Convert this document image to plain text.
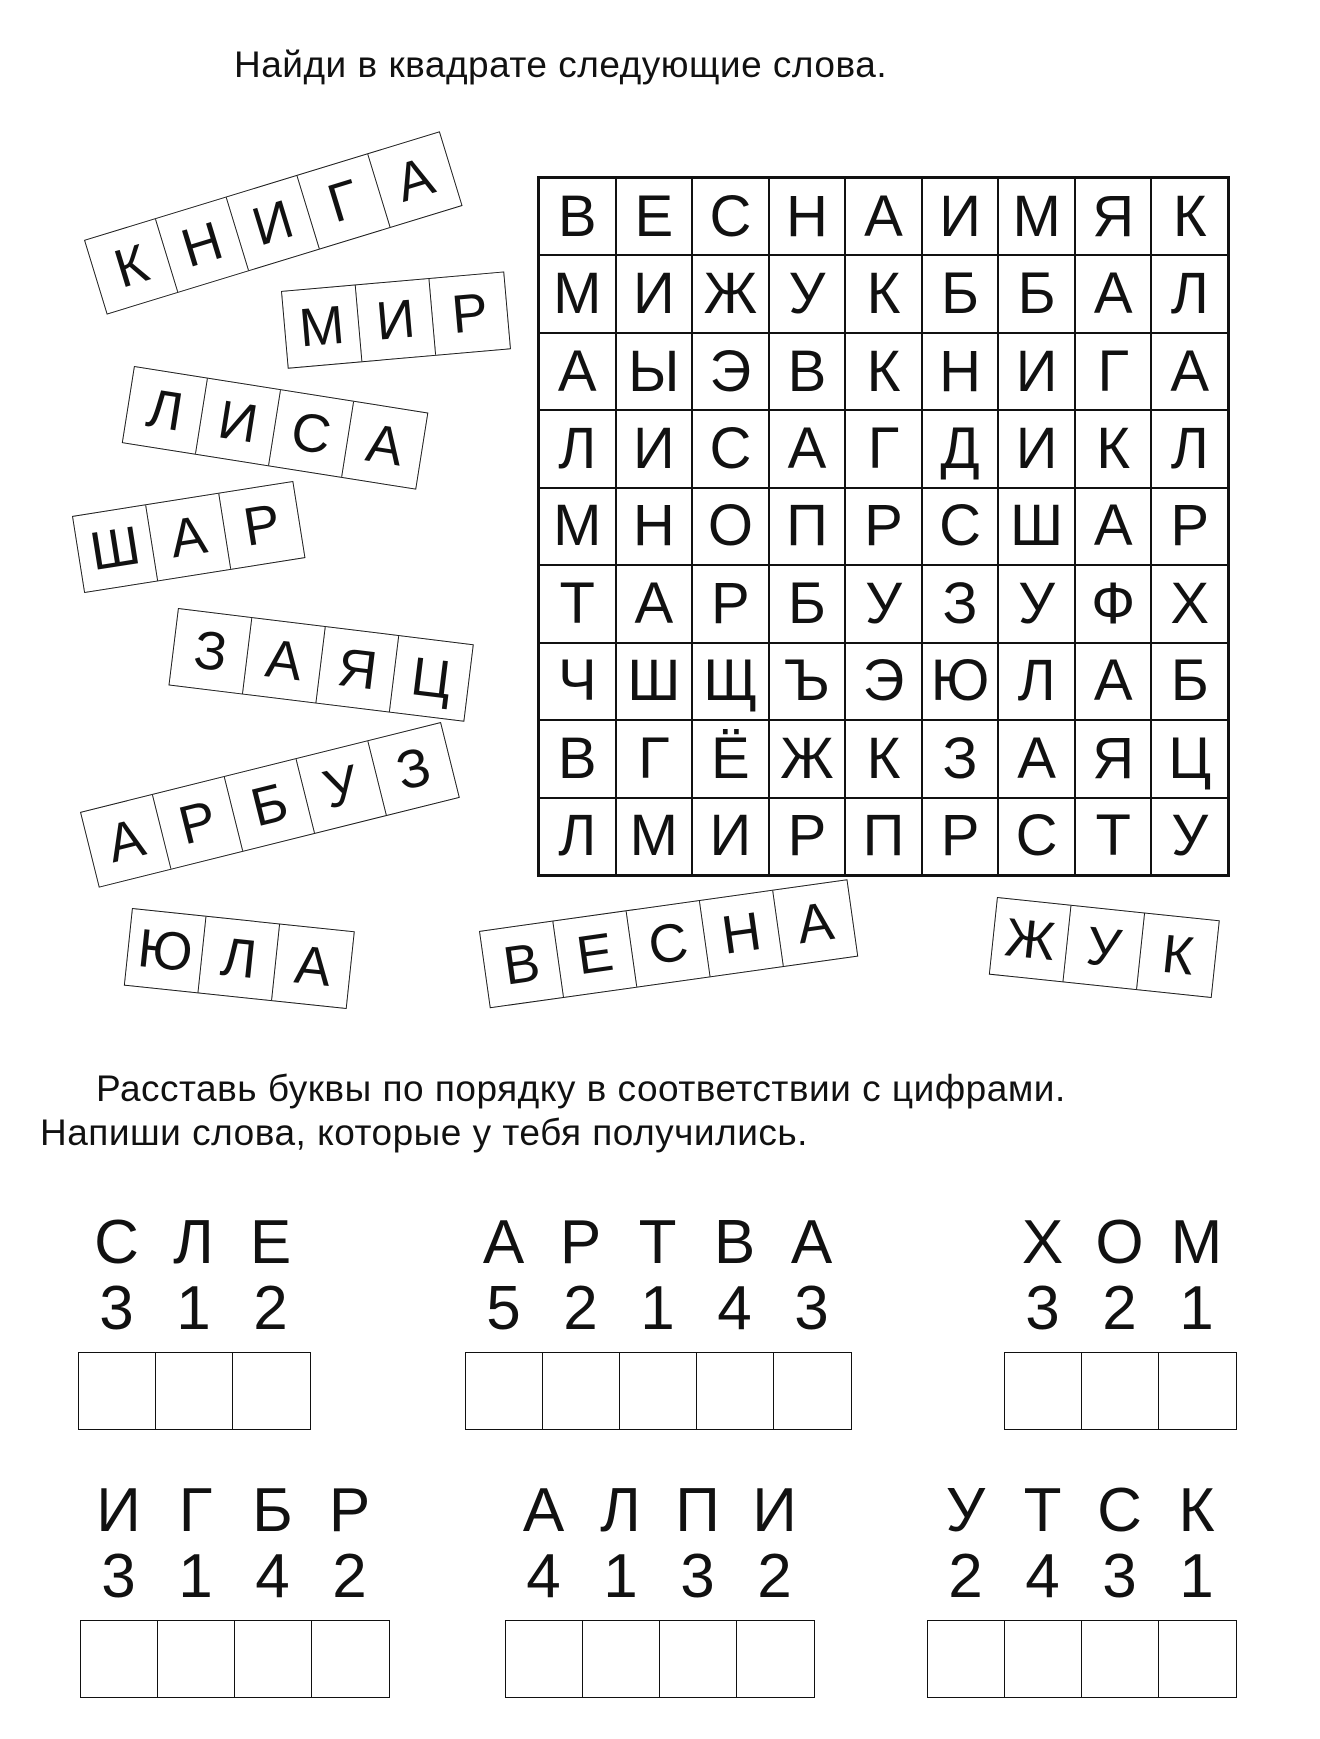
Найди в квадрате следующие слова.
В Е С Н А И М Я К
М И Ж У К Б Б А Л
А Ы Э В К Н И Г А
Л И С А Г Д И К Л
М Н О П Р С Ш А Р
Т А Р Б У З У Ф Х
Ч Ш Щ Ъ Э Ю Л А Б
В Г Ё Ж К З А Я Ц
Л М И Р П Р С Т У
К Н И Г А
М И Р
Л И С А
Ш А Р
З А Я Ц
А Р Б У З
Ю Л А	В Е С Н А	Ж У К
Расставь буквы по порядку в соответствии с цифрами.
Напиши слова, которые у тебя получились.
С Л Е
3 1 2
А Р Т В А
5 2 1 4 3
Х О М
3 2 1
И Г Б Р
3 1 4 2
А Л П И
4 1 3 2
У Т С К
2 4 3 1
